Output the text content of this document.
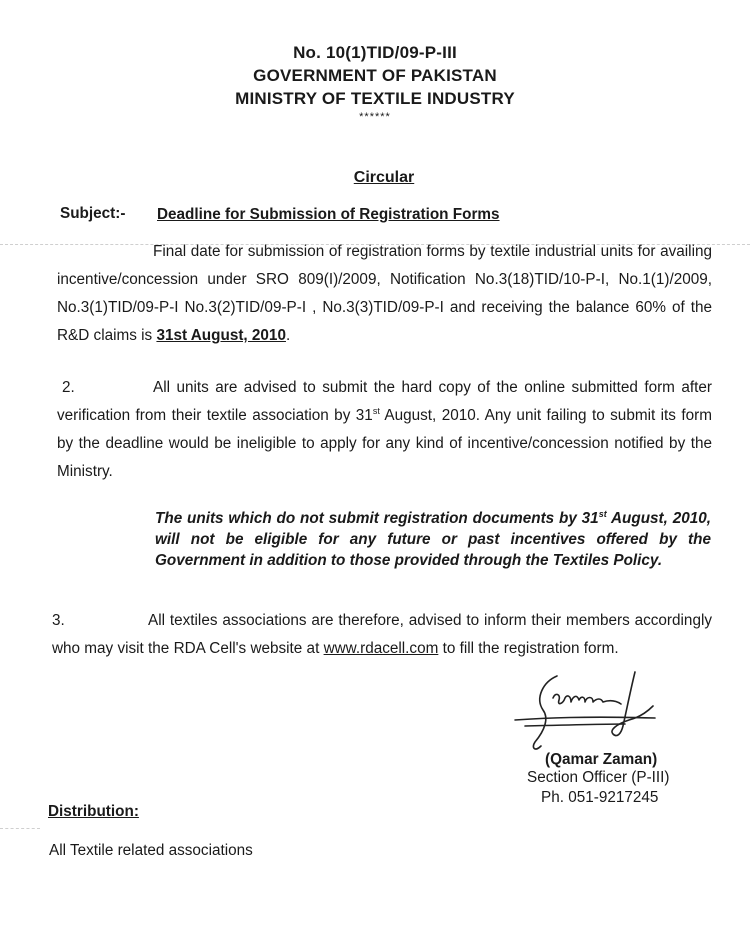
No. 10(1)TID/09-P-III
GOVERNMENT OF PAKISTAN
MINISTRY OF TEXTILE INDUSTRY
******
Circular
Subject:- Deadline for Submission of Registration Forms
Final date for submission of registration forms by textile industrial units for availing incentive/concession under SRO 809(I)/2009, Notification No.3(18)TID/10-P-I, No.1(1)/2009, No.3(1)TID/09-P-I No.3(2)TID/09-P-I , No.3(3)TID/09-P-I and receiving the balance 60% of the R&D claims is 31st August, 2010.
2.	All units are advised to submit the hard copy of the online submitted form after verification from their textile association by 31st August, 2010. Any unit failing to submit its form by the deadline would be ineligible to apply for any kind of incentive/concession notified by the Ministry.
The units which do not submit registration documents by 31st August, 2010, will not be eligible for any future or past incentives offered by the Government in addition to those provided through the Textiles Policy.
3.	All textiles associations are therefore, advised to inform their members accordingly who may visit the RDA Cell's website at www.rdacell.com to fill the registration form.
(Qamar Zaman)
Section Officer (P-III)
Ph. 051-9217245
Distribution:
All Textile related associations
